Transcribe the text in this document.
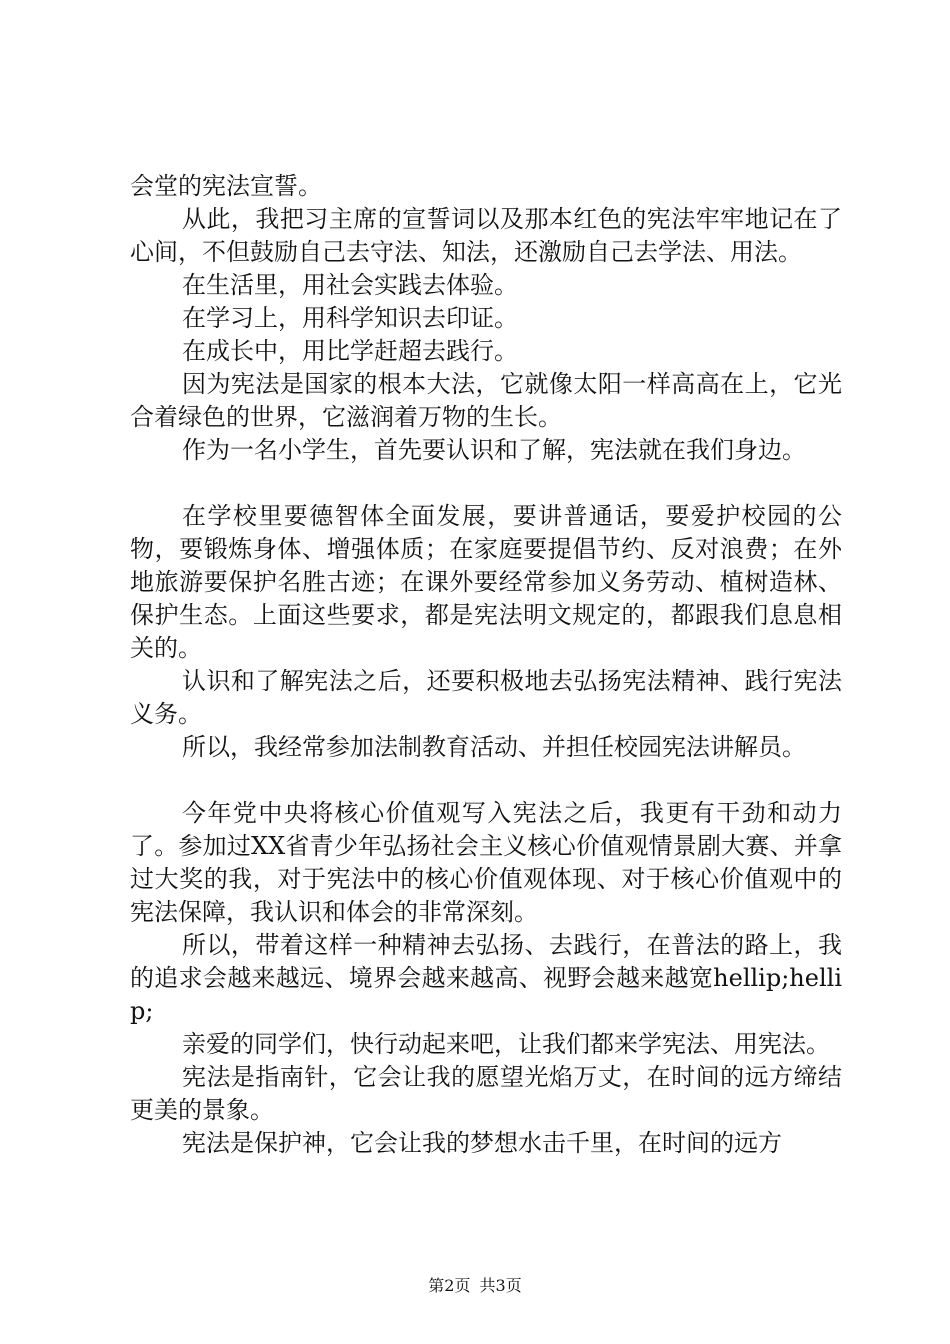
会堂的宪法宣誓。

从此，我把习主席的宣誓词以及那本红色的宪法牢牢地记在了心间，不但鼓励自己去守法、知法，还激励自己去学法、用法。

在生活里，用社会实践去体验。

在学习上，用科学知识去印证。

在成长中，用比学赶超去践行。

因为宪法是国家的根本大法，它就像太阳一样高高在上，它光合着绿色的世界，它滋润着万物的生长。

作为一名小学生，首先要认识和了解，宪法就在我们身边。

在学校里要德智体全面发展，要讲普通话，要爱护校园的公物，要锻炼身体、增强体质；在家庭要提倡节约、反对浪费；在外地旅游要保护名胜古迹；在课外要经常参加义务劳动、植树造林、保护生态。上面这些要求，都是宪法明文规定的，都跟我们息息相关的。

认识和了解宪法之后，还要积极地去弘扬宪法精神、践行宪法义务。

所以，我经常参加法制教育活动、并担任校园宪法讲解员。

今年党中央将核心价值观写入宪法之后，我更有干劲和动力了。参加过XX省青少年弘扬社会主义核心价值观情景剧大赛、并拿过大奖的我，对于宪法中的核心价值观体现、对于核心价值观中的宪法保障，我认识和体会的非常深刻。

所以，带着这样一种精神去弘扬、去践行，在普法的路上，我的追求会越来越远、境界会越来越高、视野会越来越宽hellip;hellip;

亲爱的同学们，快行动起来吧，让我们都来学宪法、用宪法。

宪法是指南针，它会让我的愿望光焰万丈，在时间的远方缔结更美的景象。

宪法是保护神，它会让我的梦想水击千里，在时间的远方

第2页 共3页
